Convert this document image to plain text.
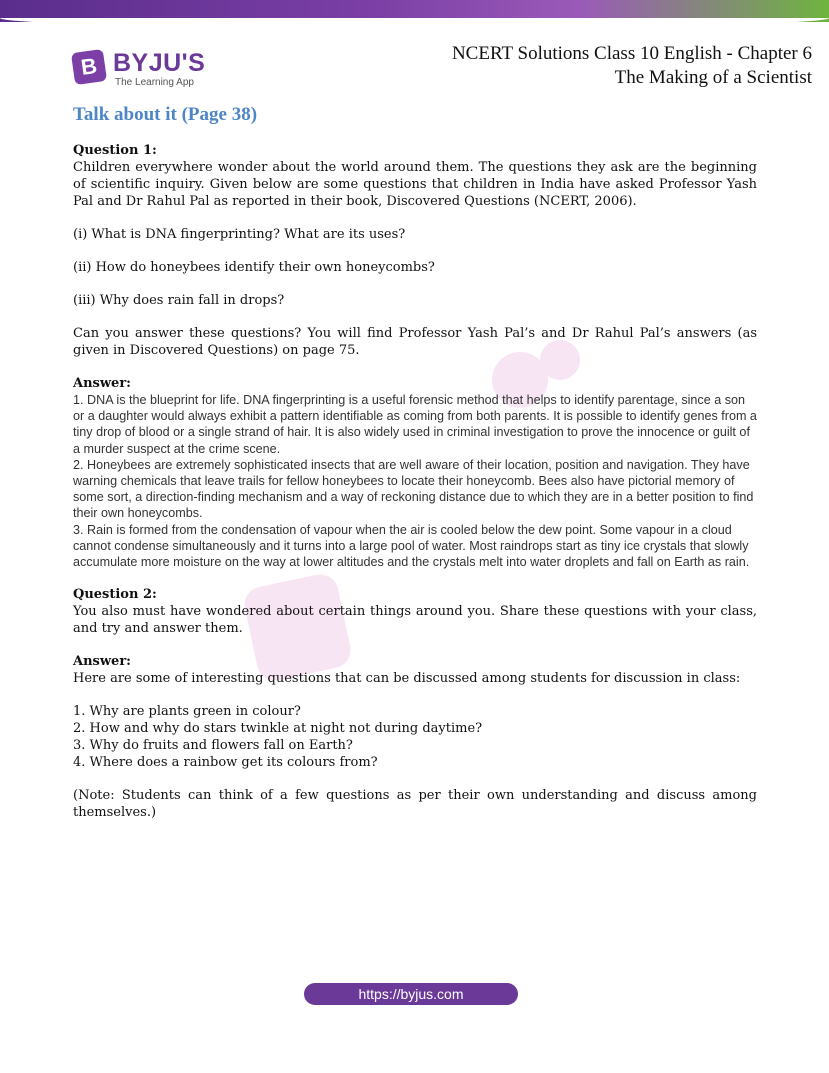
B BYJU'S
The Learning App
NCERT Solutions Class 10 English - Chapter 6
The Making of a Scientist
Talk about it (Page 38)

Question 1:

Children everywhere wonder about the world around them. The questions they ask are the beginning of scientific inquiry. Given below are some questions that children in India have asked Professor Yash Pal and Dr Rahul Pal as reported in their book, Discovered Questions (NCERT, 2006).

(i) What is DNA fingerprinting? What are its uses?

(ii) How do honeybees identify their own honeycombs?

(iii) Why does rain fall in drops?

Can you answer these questions? You will find Professor Yash Pal’s and Dr Rahul Pal’s answers (as given in Discovered Questions) on page 75.

Answer:

1. DNA is the blueprint for life. DNA fingerprinting is a useful forensic method that helps to identify parentage, since a son or a daughter would always exhibit a pattern identifiable as coming from both parents. It is possible to identify genes from a tiny drop of blood or a single strand of hair. It is also widely used in criminal investigation to prove the innocence or guilt of a murder suspect at the crime scene.

2. Honeybees are extremely sophisticated insects that are well aware of their location, position and navigation. They have warning chemicals that leave trails for fellow honeybees to locate their honeycomb. Bees also have pictorial memory of some sort, a direction-finding mechanism and a way of reckoning distance due to which they are in a better position to find their own honeycombs.

3. Rain is formed from the condensation of vapour when the air is cooled below the dew point. Some vapour in a cloud cannot condense simultaneously and it turns into a large pool of water. Most raindrops start as tiny ice crystals that slowly accumulate more moisture on the way at lower altitudes and the crystals melt into water droplets and fall on Earth as rain.

Question 2:

You also must have wondered about certain things around you. Share these questions with your class, and try and answer them.

Answer:

Here are some of interesting questions that can be discussed among students for discussion in class:

1. Why are plants green in colour?

2. How and why do stars twinkle at night not during daytime?

3. Why do fruits and flowers fall on Earth?

4. Where does a rainbow get its colours from?

(Note: Students can think of a few questions as per their own understanding and discuss among themselves.)

https://byjus.com
